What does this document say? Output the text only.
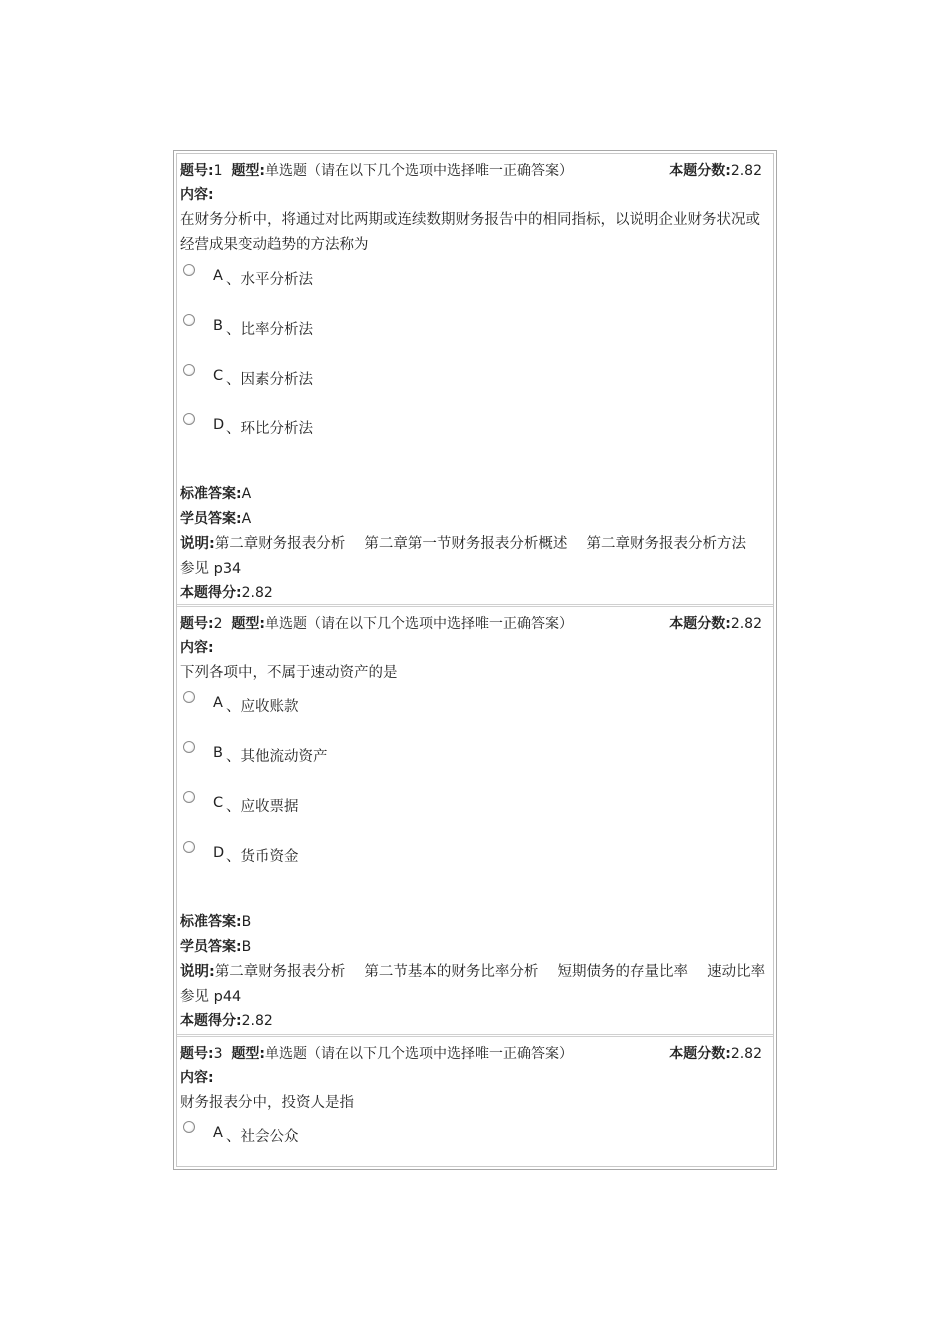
题号:1 题型:单选题（请在以下几个选项中选择唯一正确答案）	本题分数:2.82
内容:
在财务分析中，将通过对比两期或连续数期财务报告中的相同指标，以说明企业财务状况或经营成果变动趋势的方法称为
A 、水平分析法
B 、比率分析法
C 、因素分析法
D 、环比分析法
标准答案:A
学员答案:A
说明:第二章财务报表分析　 第二章第一节财务报表分析概述　 第二章财务报表分析方法　 参见 p34
本题得分:2.82
题号:2 题型:单选题（请在以下几个选项中选择唯一正确答案）	本题分数:2.82
内容:
下列各项中，不属于速动资产的是
A 、应收账款
B 、其他流动资产
C 、应收票据
D 、货币资金
标准答案:B
学员答案:B
说明:第二章财务报表分析　 第二节基本的财务比率分析　 短期债务的存量比率　 速动比率　 参见 p44
本题得分:2.82
题号:3 题型:单选题（请在以下几个选项中选择唯一正确答案）	本题分数:2.82
内容:
财务报表分中，投资人是指
A 、社会公众
